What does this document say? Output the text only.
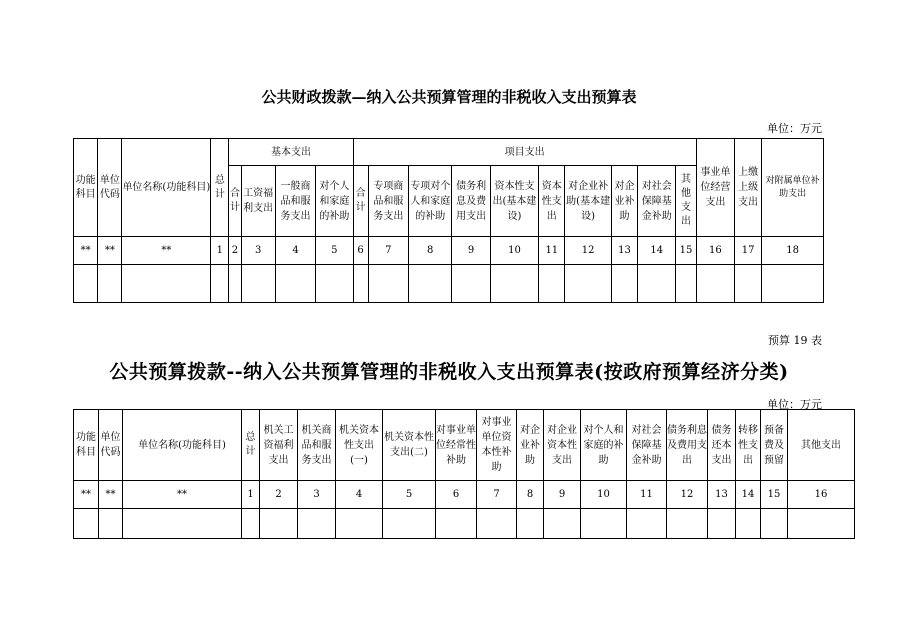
公共财政拨款—纳入公共预算管理的非税收入支出预算表
单位：万元
功能科目	单位代码	单位名称(功能科目)	总计	基本支出				项目支出										事业单位经营支出	上缴上级支出	对附属单位补助支出
				合计	工资福利支出	一般商品和服务支出	对个人和家庭的补助	合计	专项商品和服务支出	专项对个人和家庭的补助	债务利息及费用支出	资本性支出(基本建设)	资本性支出	对企业补助(基本建设)	对企业补助	对社会保障基金补助	其他支出			
**	**	**	1	2	3	4	5	6	7	8	9	10	11	12	13	14	15	16	17	18

预算 19 表
公共预算拨款--纳入公共预算管理的非税收入支出预算表(按政府预算经济分类)
单位：万元
功能科目	单位代码	单位名称(功能科目)	总计	机关工资福利支出	机关商品和服务支出	机关资本性支出(一)	机关资本性支出(二)	对事业单位经常性补助	对事业单位资本性补助	对企业补助	对企业资本性支出	对个人和家庭的补助	对社会保障基金补助	债务利息及费用支出	债务还本支出	转移性支出	预备费及预留	其他支出
**	**	**	1	2	3	4	5	6	7	8	9	10	11	12	13	14	15	16
